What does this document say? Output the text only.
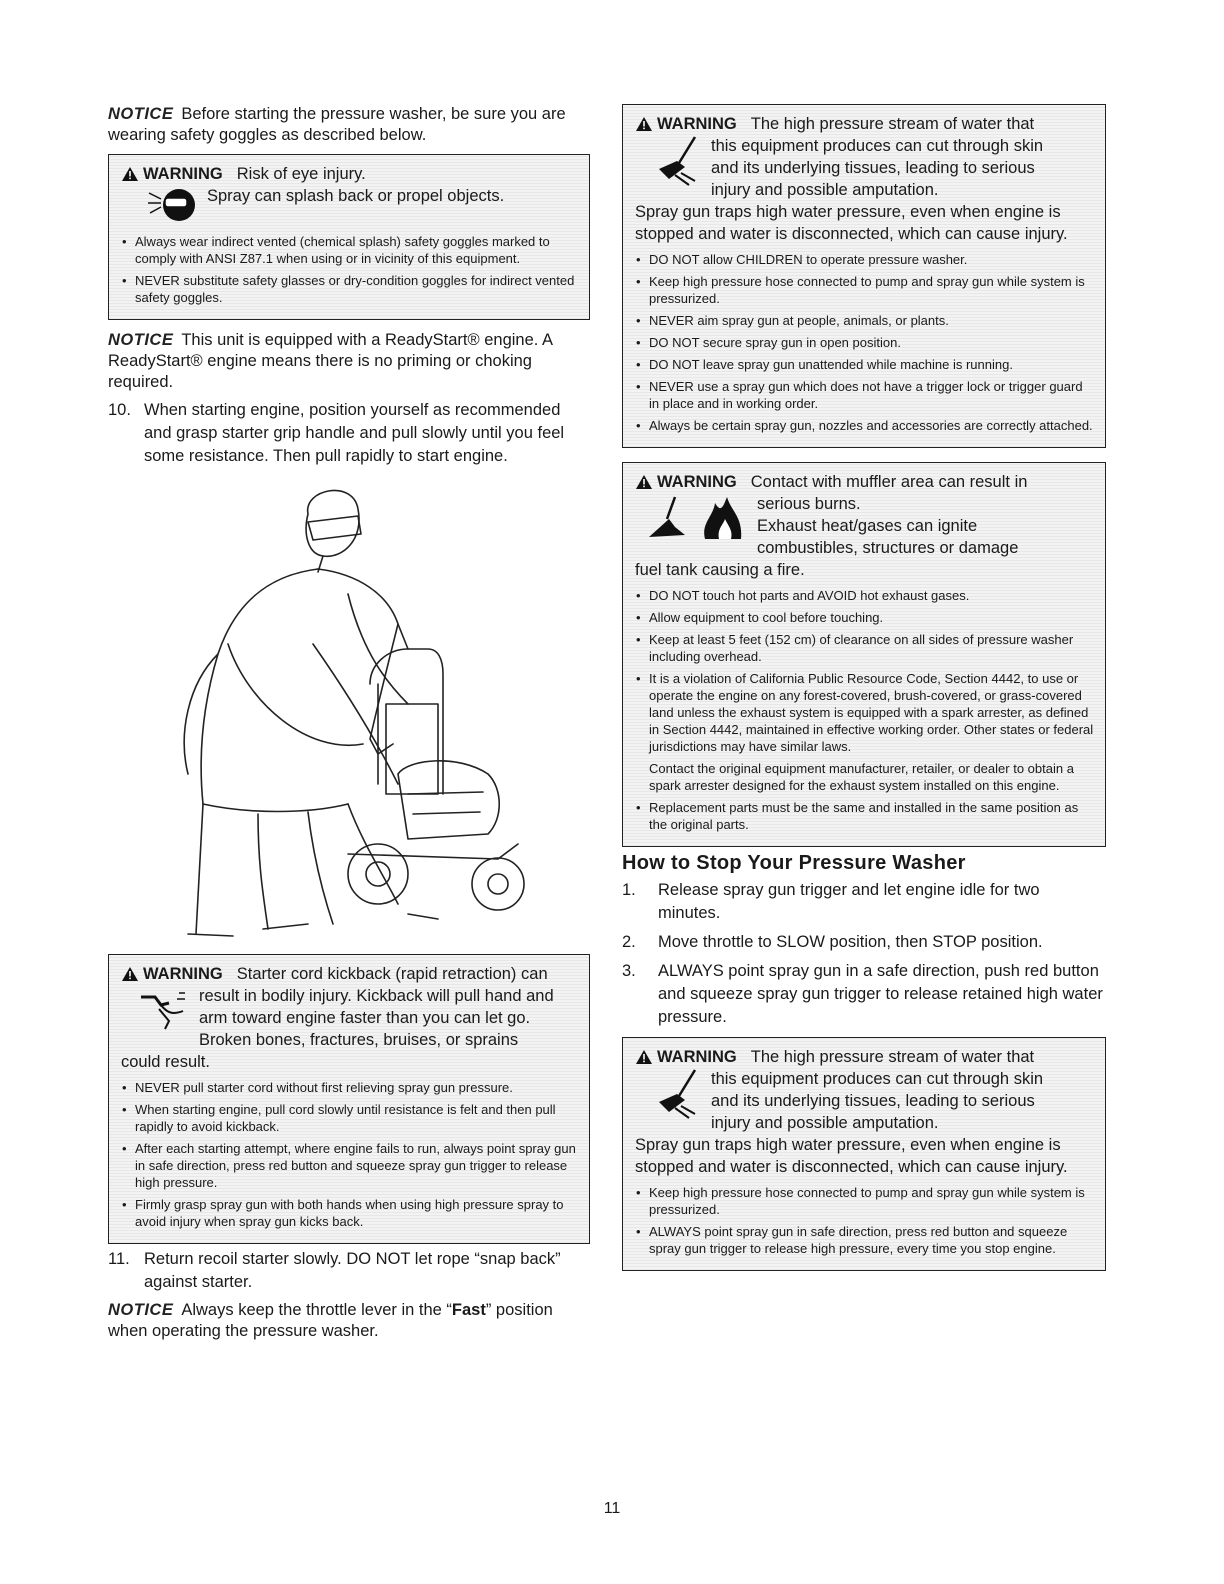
NOTICE Before starting the pressure washer, be sure you are wearing safety goggles as described below.

WARNING Risk of eye injury.
Spray can splash back or propel objects.
• Always wear indirect vented (chemical splash) safety goggles marked to comply with ANSI Z87.1 when using or in vicinity of this equipment.
• NEVER substitute safety glasses or dry-condition goggles for indirect vented safety goggles.

NOTICE This unit is equipped with a ReadyStart® engine. A ReadyStart® engine means there is no priming or choking required.

10. When starting engine, position yourself as recommended and grasp starter grip handle and pull slowly until you feel some resistance. Then pull rapidly to start engine.

WARNING Starter cord kickback (rapid retraction) can
result in bodily injury. Kickback will pull hand and
arm toward engine faster than you can let go.
Broken bones, fractures, bruises, or sprains
could result.
• NEVER pull starter cord without first relieving spray gun pressure.
• When starting engine, pull cord slowly until resistance is felt and then pull rapidly to avoid kickback.
• After each starting attempt, where engine fails to run, always point spray gun in safe direction, press red button and squeeze spray gun trigger to release high pressure.
• Firmly grasp spray gun with both hands when using high pressure spray to avoid injury when spray gun kicks back.

11. Return recoil starter slowly. DO NOT let rope “snap back” against starter.

NOTICE Always keep the throttle lever in the “Fast” position when operating the pressure washer.

WARNING The high pressure stream of water that
this equipment produces can cut through skin
and its underlying tissues, leading to serious
injury and possible amputation.
Spray gun traps high water pressure, even when engine is stopped and water is disconnected, which can cause injury.
• DO NOT allow CHILDREN to operate pressure washer.
• Keep high pressure hose connected to pump and spray gun while system is pressurized.
• NEVER aim spray gun at people, animals, or plants.
• DO NOT secure spray gun in open position.
• DO NOT leave spray gun unattended while machine is running.
• NEVER use a spray gun which does not have a trigger lock or trigger guard in place and in working order.
• Always be certain spray gun, nozzles and accessories are correctly attached.
WARNING Contact with muffler area can result in
serious burns.
Exhaust heat/gases can ignite
combustibles, structures or damage
fuel tank causing a fire.
• DO NOT touch hot parts and AVOID hot exhaust gases.
• Allow equipment to cool before touching.
• Keep at least 5 feet (152 cm) of clearance on all sides of pressure washer including overhead.
• It is a violation of California Public Resource Code, Section 4442, to use or operate the engine on any forest-covered, brush-covered, or grass-covered land unless the exhaust system is equipped with a spark arrester, as defined in Section 4442, maintained in effective working order. Other states or federal jurisdictions may have similar laws.
Contact the original equipment manufacturer, retailer, or dealer to obtain a spark arrester designed for the exhaust system installed on this engine.
• Replacement parts must be the same and installed in the same position as the original parts.
How to Stop Your Pressure Washer

1. Release spray gun trigger and let engine idle for two minutes.

2. Move throttle to SLOW position, then STOP position.

3. ALWAYS point spray gun in a safe direction, push red button and squeeze spray gun trigger to release retained high water pressure.

WARNING The high pressure stream of water that
this equipment produces can cut through skin
and its underlying tissues, leading to serious
injury and possible amputation.
Spray gun traps high water pressure, even when engine is stopped and water is disconnected, which can cause injury.
• Keep high pressure hose connected to pump and spray gun while system is pressurized.
• ALWAYS point spray gun in safe direction, press red button and squeeze spray gun trigger to release high pressure, every time you stop engine.
11
